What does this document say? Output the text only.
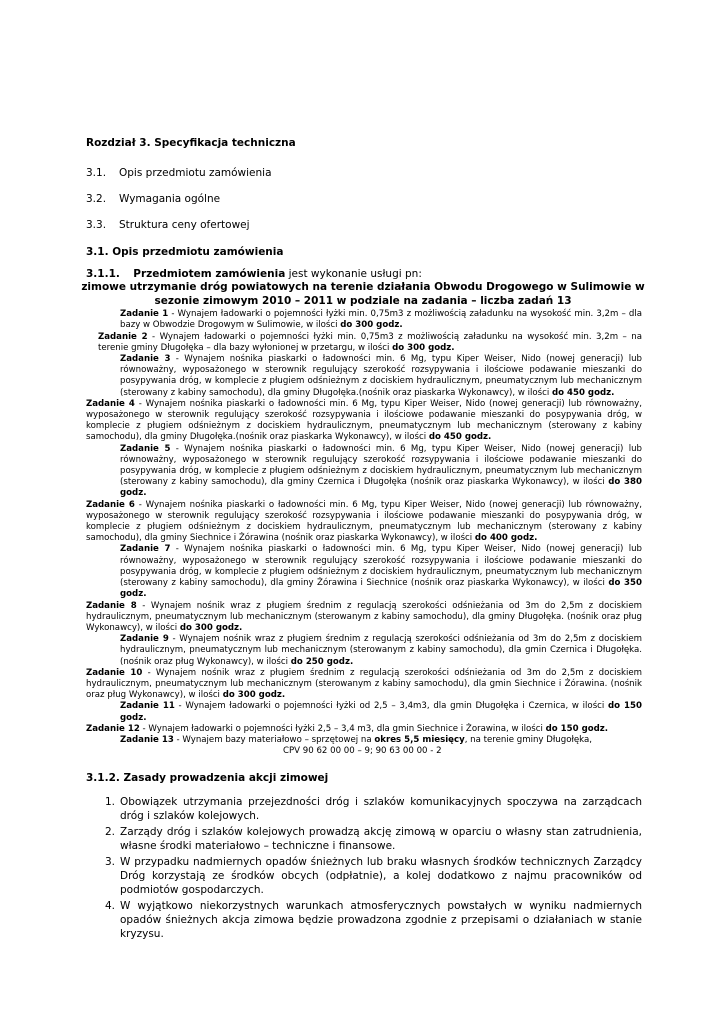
Rozdział 3. Specyfikacja techniczna
3.1. Opis przedmiotu zamówienia
3.2. Wymagania ogólne
3.3. Struktura ceny ofertowej
3.1. Opis przedmiotu zamówienia
3.1.1. Przedmiotem zamówienia jest wykonanie usługi pn:
zimowe utrzymanie dróg powiatowych na terenie działania Obwodu Drogowego w Sulimowie w sezonie zimowym 2010 – 2011 w podziale na zadania – liczba zadań 13
Zadanie 1 - Wynajem ładowarki o pojemności łyżki min. 0,75m3 z możliwością załadunku na wysokość min. 3,2m – dla bazy w Obwodzie Drogowym w Sulimowie, w ilości do 300 godz.
Zadanie 2 - Wynajem ładowarki o pojemności łyżki min. 0,75m3 z możliwością załadunku na wysokość min. 3,2m – na terenie gminy Długołęka – dla bazy wyłonionej w przetargu, w ilości do 300 godz.
Zadanie 3 - Wynajem nośnika piaskarki o ładowności min. 6 Mg, typu Kiper Weiser, Nido (nowej generacji) lub równoważny, wyposażonego w sterownik regulujący szerokość rozsypywania i ilościowe podawanie mieszanki do posypywania dróg, w komplecie z pługiem odśnieżnym z dociskiem hydraulicznym, pneumatycznym lub mechanicznym (sterowany z kabiny samochodu), dla gminy Długołęka.(nośnik oraz piaskarka Wykonawcy), w ilości do 450 godz.
Zadanie 4 - Wynajem nośnika piaskarki o ładowności min. 6 Mg, typu Kiper Weiser, Nido (nowej generacji) lub równoważny, wyposażonego w sterownik regulujący szerokość rozsypywania i ilościowe podawanie mieszanki do posypywania dróg, w komplecie z pługiem odśnieżnym z dociskiem hydraulicznym, pneumatycznym lub mechanicznym (sterowany z kabiny samochodu), dla gminy Długołęka.(nośnik oraz piaskarka Wykonawcy), w ilości do 450 godz.
Zadanie 5 - Wynajem nośnika piaskarki o ładowności min. 6 Mg, typu Kiper Weiser, Nido (nowej generacji) lub równoważny, wyposażonego w sterownik regulujący szerokość rozsypywania i ilościowe podawanie mieszanki do posypywania dróg, w komplecie z pługiem odśnieżnym z dociskiem hydraulicznym, pneumatycznym lub mechanicznym (sterowany z kabiny samochodu), dla gminy Czernica i Długołęka (nośnik oraz piaskarka Wykonawcy), w ilości do 380 godz.
Zadanie 6 - Wynajem nośnika piaskarki o ładowności min. 6 Mg, typu Kiper Weiser, Nido (nowej generacji) lub równoważny, wyposażonego w sterownik regulujący szerokość rozsypywania i ilościowe podawanie mieszanki do posypywania dróg, w komplecie z pługiem odśnieżnym z dociskiem hydraulicznym, pneumatycznym lub mechanicznym (sterowany z kabiny samochodu), dla gminy Siechnice i Żórawina (nośnik oraz piaskarka Wykonawcy), w ilości do 400 godz.
Zadanie 7 - Wynajem nośnika piaskarki o ładowności min. 6 Mg, typu Kiper Weiser, Nido (nowej generacji) lub równoważny, wyposażonego w sterownik regulujący szerokość rozsypywania i ilościowe podawanie mieszanki do posypywania dróg, w komplecie z pługiem odśnieżnym z dociskiem hydraulicznym, pneumatycznym lub mechanicznym (sterowany z kabiny samochodu), dla gminy Żórawina i Siechnice (nośnik oraz piaskarka Wykonawcy), w ilości do 350 godz.
Zadanie 8 - Wynajem nośnik wraz z pługiem średnim z regulacją szerokości odśnieżania od 3m do 2,5m z dociskiem hydraulicznym, pneumatycznym lub mechanicznym (sterowanym z kabiny samochodu), dla gminy Długołęka. (nośnik oraz pług Wykonawcy), w ilości do 300 godz.
Zadanie 9 - Wynajem nośnik wraz z pługiem średnim z regulacją szerokości odśnieżania od 3m do 2,5m z dociskiem hydraulicznym, pneumatycznym lub mechanicznym (sterowanym z kabiny samochodu), dla gmin Czernica i Długołęka. (nośnik oraz pług Wykonawcy), w ilości do 250 godz.
Zadanie 10 - Wynajem nośnik wraz z pługiem średnim z regulacją szerokości odśnieżania od 3m do 2,5m z dociskiem hydraulicznym, pneumatycznym lub mechanicznym (sterowanym z kabiny samochodu), dla gmin Siechnice i Żórawina. (nośnik oraz pług Wykonawcy), w ilości do 300 godz.
Zadanie 11 - Wynajem ładowarki o pojemności łyżki od 2,5 – 3,4m3, dla gmin Długołęka i Czernica, w ilości do 150 godz.
Zadanie 12 - Wynajem ładowarki o pojemności łyżki 2,5 – 3,4 m3, dla gmin Siechnice i Żorawina, w ilości do 150 godz.
Zadanie 13 - Wynajem bazy materiałowo – sprzętowej na okres 5,5 miesięcy, na terenie gminy Długołęka,
CPV 90 62 00 00 – 9; 90 63 00 00 - 2
3.1.2. Zasady prowadzenia akcji zimowej
1. Obowiązek utrzymania przejezdności dróg i szlaków komunikacyjnych spoczywa na zarządcach dróg i szlaków kolejowych.
2. Zarządy dróg i szlaków kolejowych prowadzą akcję zimową w oparciu o własny stan zatrudnienia, własne środki materiałowo – techniczne i finansowe.
3. W przypadku nadmiernych opadów śnieżnych lub braku własnych środków technicznych Zarządcy Dróg korzystają ze środków obcych (odpłatnie), a kolej dodatkowo z najmu pracowników od podmiotów gospodarczych.
4. W wyjątkowo niekorzystnych warunkach atmosferycznych powstałych w wyniku nadmiernych opadów śnieżnych akcja zimowa będzie prowadzona zgodnie z przepisami o działaniach w stanie kryzysu.
